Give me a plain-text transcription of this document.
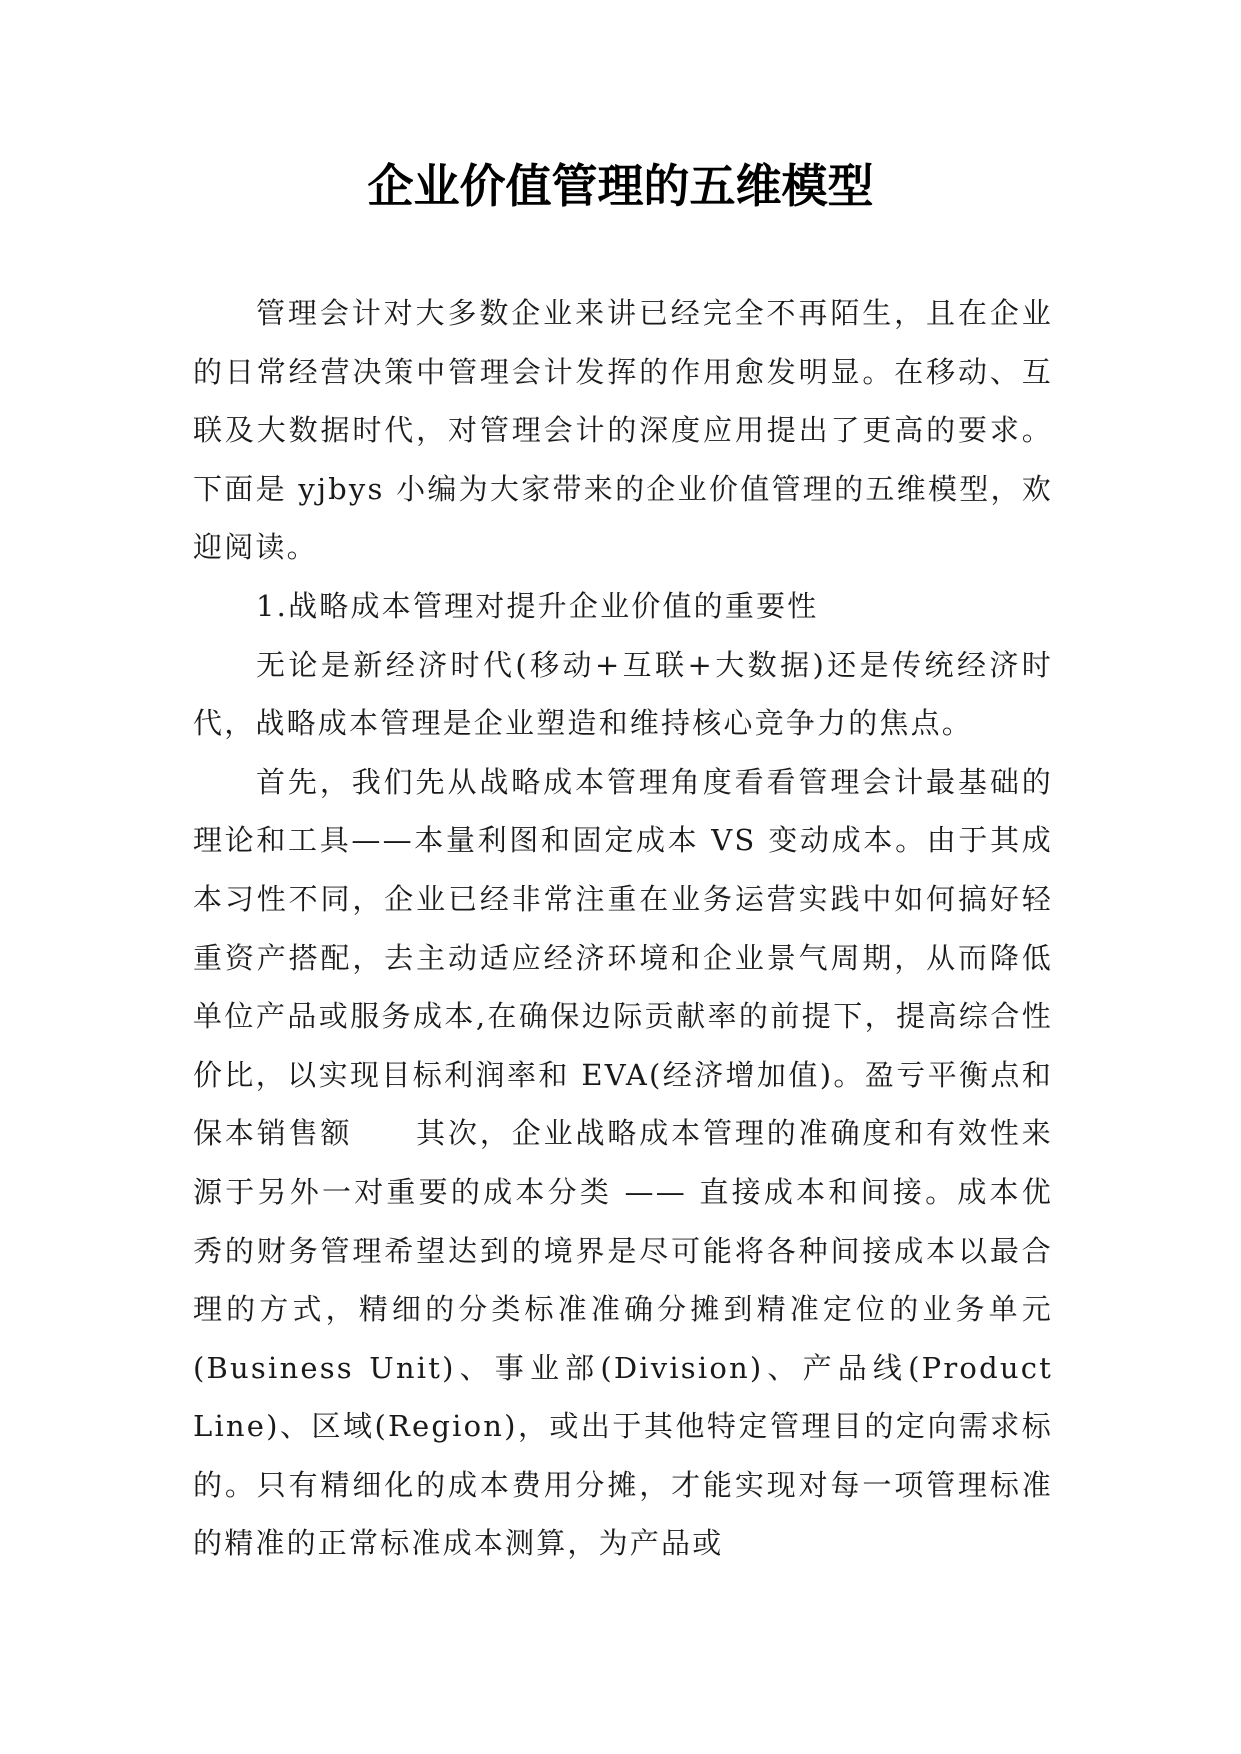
企业价值管理的五维模型

管理会计对大多数企业来讲已经完全不再陌生，且在企业的日常经营决策中管理会计发挥的作用愈发明显。在移动、互联及大数据时代，对管理会计的深度应用提出了更高的要求。下面是 yjbys 小编为大家带来的企业价值管理的五维模型，欢迎阅读。

1.战略成本管理对提升企业价值的重要性

无论是新经济时代(移动+互联+大数据)还是传统经济时代，战略成本管理是企业塑造和维持核心竞争力的焦点。

首先，我们先从战略成本管理角度看看管理会计最基础的理论和工具——本量利图和固定成本 VS 变动成本。由于其成本习性不同，企业已经非常注重在业务运营实践中如何搞好轻重资产搭配，去主动适应经济环境和企业景气周期，从而降低单位产品或服务成本,在确保边际贡献率的前提下，提高综合性价比，以实现目标利润率和 EVA(经济增加值)。盈亏平衡点和保本销售额　　其次，企业战略成本管理的准确度和有效性来源于另外一对重要的成本分类 —— 直接成本和间接。成本优秀的财务管理希望达到的境界是尽可能将各种间接成本以最合理的方式，精细的分类标准准确分摊到精准定位的业务单元(Business Unit)、事业部(Division)、产品线(Product Line)、区域(Region)，或出于其他特定管理目的定向需求标的。只有精细化的成本费用分摊，才能实现对每一项管理标准的精准的正常标准成本测算，为产品或
